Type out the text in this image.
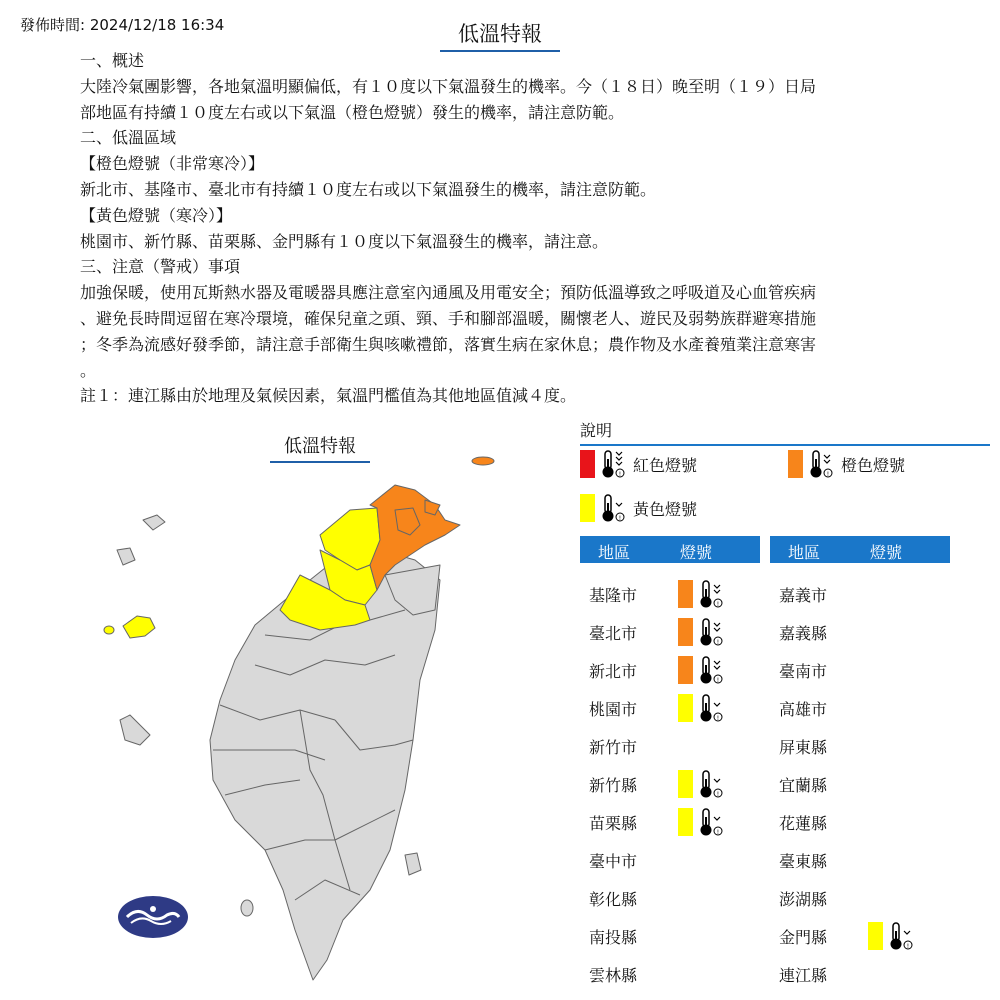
發佈時間: 2024/12/18 16:34	低溫特報
一、概述
大陸冷氣團影響，各地氣溫明顯偏低，有１０度以下氣溫發生的機率。今（１８日）晚至明（１９）日局
部地區有持續１０度左右或以下氣溫（橙色燈號）發生的機率，請注意防範。
二、低溫區域
【橙色燈號（非常寒冷）】
新北市、基隆市、臺北市有持續１０度左右或以下氣溫發生的機率，請注意防範。
【黃色燈號（寒冷）】
桃園市、新竹縣、苗栗縣、金門縣有１０度以下氣溫發生的機率，請注意。
三、注意（警戒）事項
加強保暖，使用瓦斯熱水器及電暖器具應注意室內通風及用電安全；預防低溫導致之呼吸道及心血管疾病
、避免長時間逗留在寒冷環境，確保兒童之頭、頸、手和腳部溫暖，關懷老人、遊民及弱勢族群避寒措施
；冬季為流感好發季節，請注意手部衛生與咳嗽禮節，落實生病在家休息；農作物及水產養殖業注意寒害
。
註１：連江縣由於地理及氣候因素，氣溫門檻值為其他地區值減４度。
低溫特報
說明
紅色燈號	橙色燈號
黃色燈號
地區	燈號
基隆市
臺北市
新北市
桃園市
新竹市
新竹縣
苗栗縣
臺中市
彰化縣
南投縣
雲林縣
地區	燈號
嘉義市
嘉義縣
臺南市
高雄市
屏東縣
宜蘭縣
花蓮縣
臺東縣
澎湖縣
金門縣
連江縣
